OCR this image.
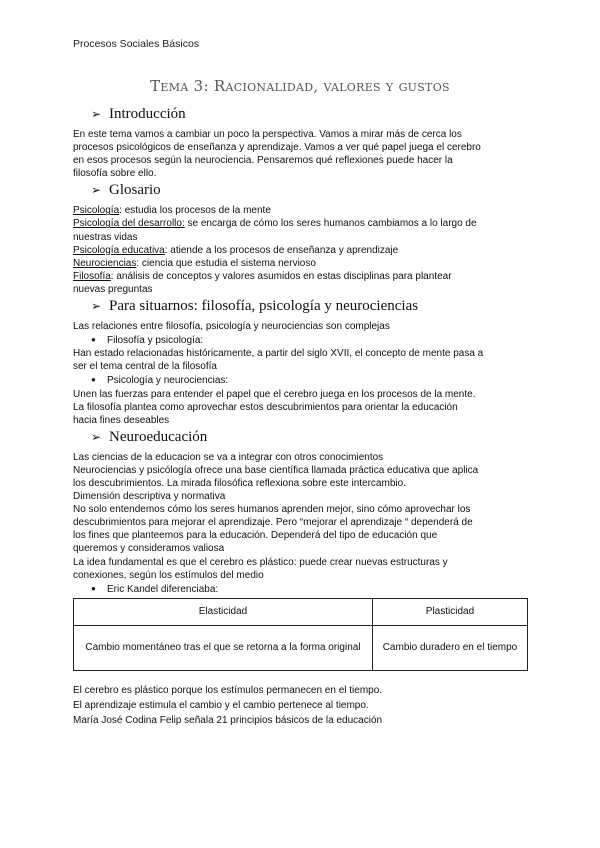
Procesos Sociales Básicos
Tema 3: Racionalidad, valores y gustos
➢ Introducción

En este tema vamos a cambiar un poco la perspectiva. Vamos a mirar más de cerca los

procesos psicológicos de enseñanza y aprendizaje. Vamos a ver qué papel juega el cerebro

en esos procesos según la neurociencia. Pensaremos qué reflexiones puede hacer la

filosofía sobre ello.

➢ Glosario

Psicología: estudia los procesos de la mente

Psicología del desarrollo: se encarga de cómo los seres humanos cambiamos a lo largo de

nuestras vidas

Psicología educativa: atiende a los procesos de enseñanza y aprendizaje

Neurociencias: ciencia que estudia el sistema nervioso

Filosofía: análisis de conceptos y valores asumidos en estas disciplinas para plantear

nuevas preguntas

➢ Para situarnos: filosofía, psicología y neurociencias

Las relaciones entre filosofía, psicología y neurociencias son complejas

● Filosofía y psicología:

Han estado relacionadas históricamente, a partir del siglo XVII, el concepto de mente pasa a

ser el tema central de la filosofía

● Psicología y neurociencias:

Unen las fuerzas para entender el papel que el cerebro juega en los procesos de la mente.

La filosofía plantea como aprovechar estos descubrimientos para orientar la educación

hacia fines deseables

➢ Neuroeducación

Las ciencias de la educacion se va a integrar con otros conocimientos

Neurociencias y psicólogía ofrece una base científica llamada práctica educativa que aplica

los descubrimientos. La mirada filosófica reflexiona sobre este intercambio.

Dimensión descriptiva y normativa

No solo entendemos cómo los seres humanos aprenden mejor, sino cómo aprovechar los

descubrimientos para mejorar el aprendizaje. Pero “mejorar el aprendizaje “ dependerá de

los fines que planteemos para la educación. Dependerá del tipo de educación que

queremos y consideramos valiosa

La idea fundamental es que el cerebro es plástico: puede crear nuevas estructuras y

conexiones, según los estímulos del medio

● Eric Kandel diferenciaba:

Elasticidad	Plasticidad
Cambio momentáneo tras el que se retorna a la forma original	Cambio duradero en el tiempo

El cerebro es plástico porque los estímulos permanecen en el tiempo.

El aprendizaje estimula el cambio y el cambio pertenece al tiempo.

María José Codina Felip señala 21 principios básicos de la educación
